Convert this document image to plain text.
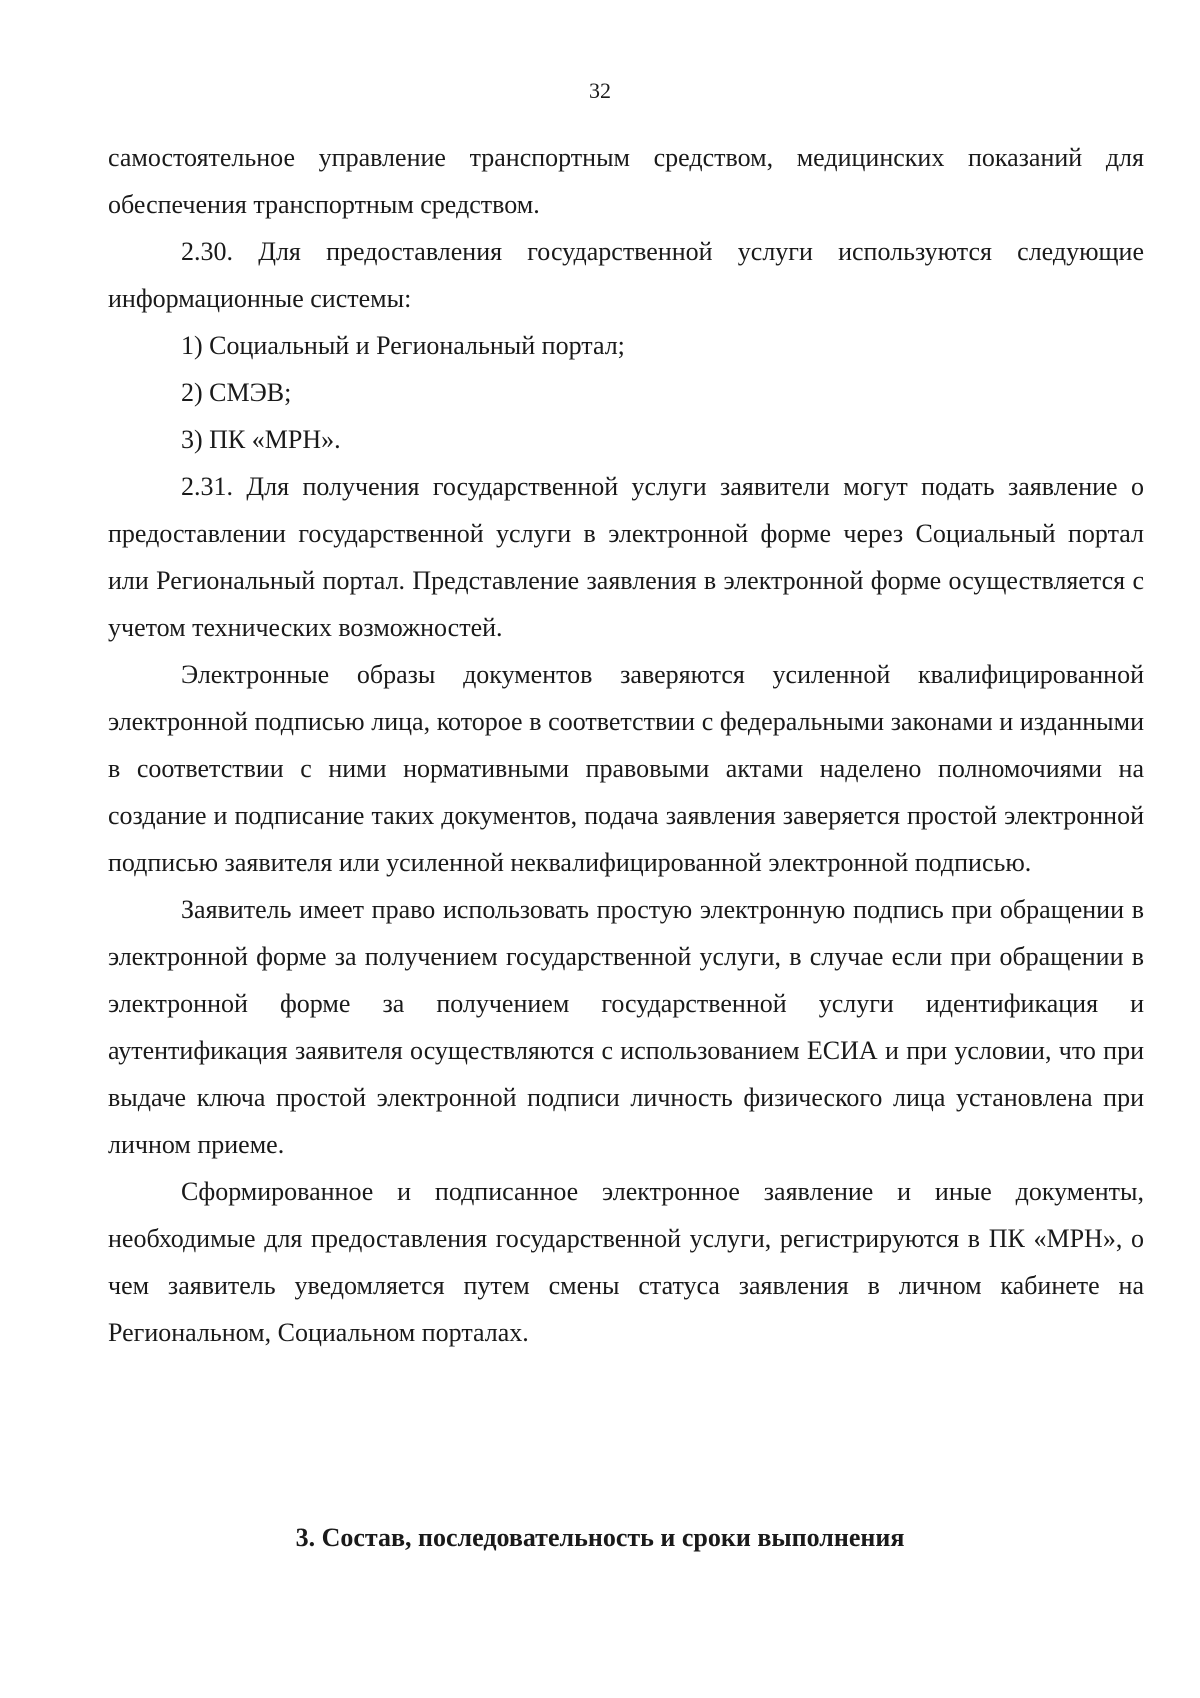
32

самостоятельное управление транспортным средством, медицинских показаний для обеспечения транспортным средством.

2.30. Для предоставления государственной услуги используются следующие информационные системы:

1) Социальный и Региональный портал;

2) СМЭВ;

3) ПК «МРН».

2.31. Для получения государственной услуги заявители могут подать заявление о предоставлении государственной услуги в электронной форме через Социальный портал или Региональный портал. Представление заявления в электронной форме осуществляется с учетом технических возможностей.

Электронные образы документов заверяются усиленной квалифицированной электронной подписью лица, которое в соответствии с федеральными законами и изданными в соответствии с ними нормативными правовыми актами наделено полномочиями на создание и подписание таких документов, подача заявления заверяется простой электронной подписью заявителя или усиленной неквалифицированной электронной подписью.

Заявитель имеет право использовать простую электронную подпись при обращении в электронной форме за получением государственной услуги, в случае если при обращении в электронной форме за получением государственной услуги идентификация и аутентификация заявителя осуществляются с использованием ЕСИА и при условии, что при выдаче ключа простой электронной подписи личность физического лица установлена при личном приеме.

Сформированное и подписанное электронное заявление и иные документы, необходимые для предоставления государственной услуги, регистрируются в ПК «МРН», о чем заявитель уведомляется путем смены статуса заявления в личном кабинете на Региональном, Социальном порталах.

3. Состав, последовательность и сроки выполнения
